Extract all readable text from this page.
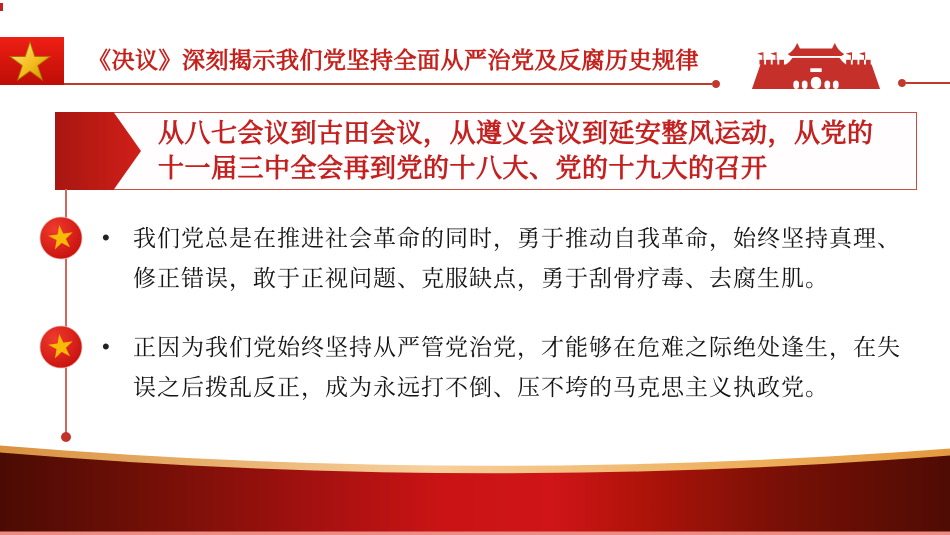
《决议》深刻揭示我们党坚持全面从严治党及反腐历史规律
从八七会议到古田会议，从遵义会议到延安整风运动，从党的
十一届三中全会再到党的十八大、党的十九大的召开
• 我们党总是在推进社会革命的同时，勇于推动自我革命，始终坚持真理、
修正错误，敢于正视问题、克服缺点，勇于刮骨疗毒、去腐生肌。
• 正因为我们党始终坚持从严管党治党，才能够在危难之际绝处逢生，在失
误之后拨乱反正，成为永远打不倒、压不垮的马克思主义执政党。
